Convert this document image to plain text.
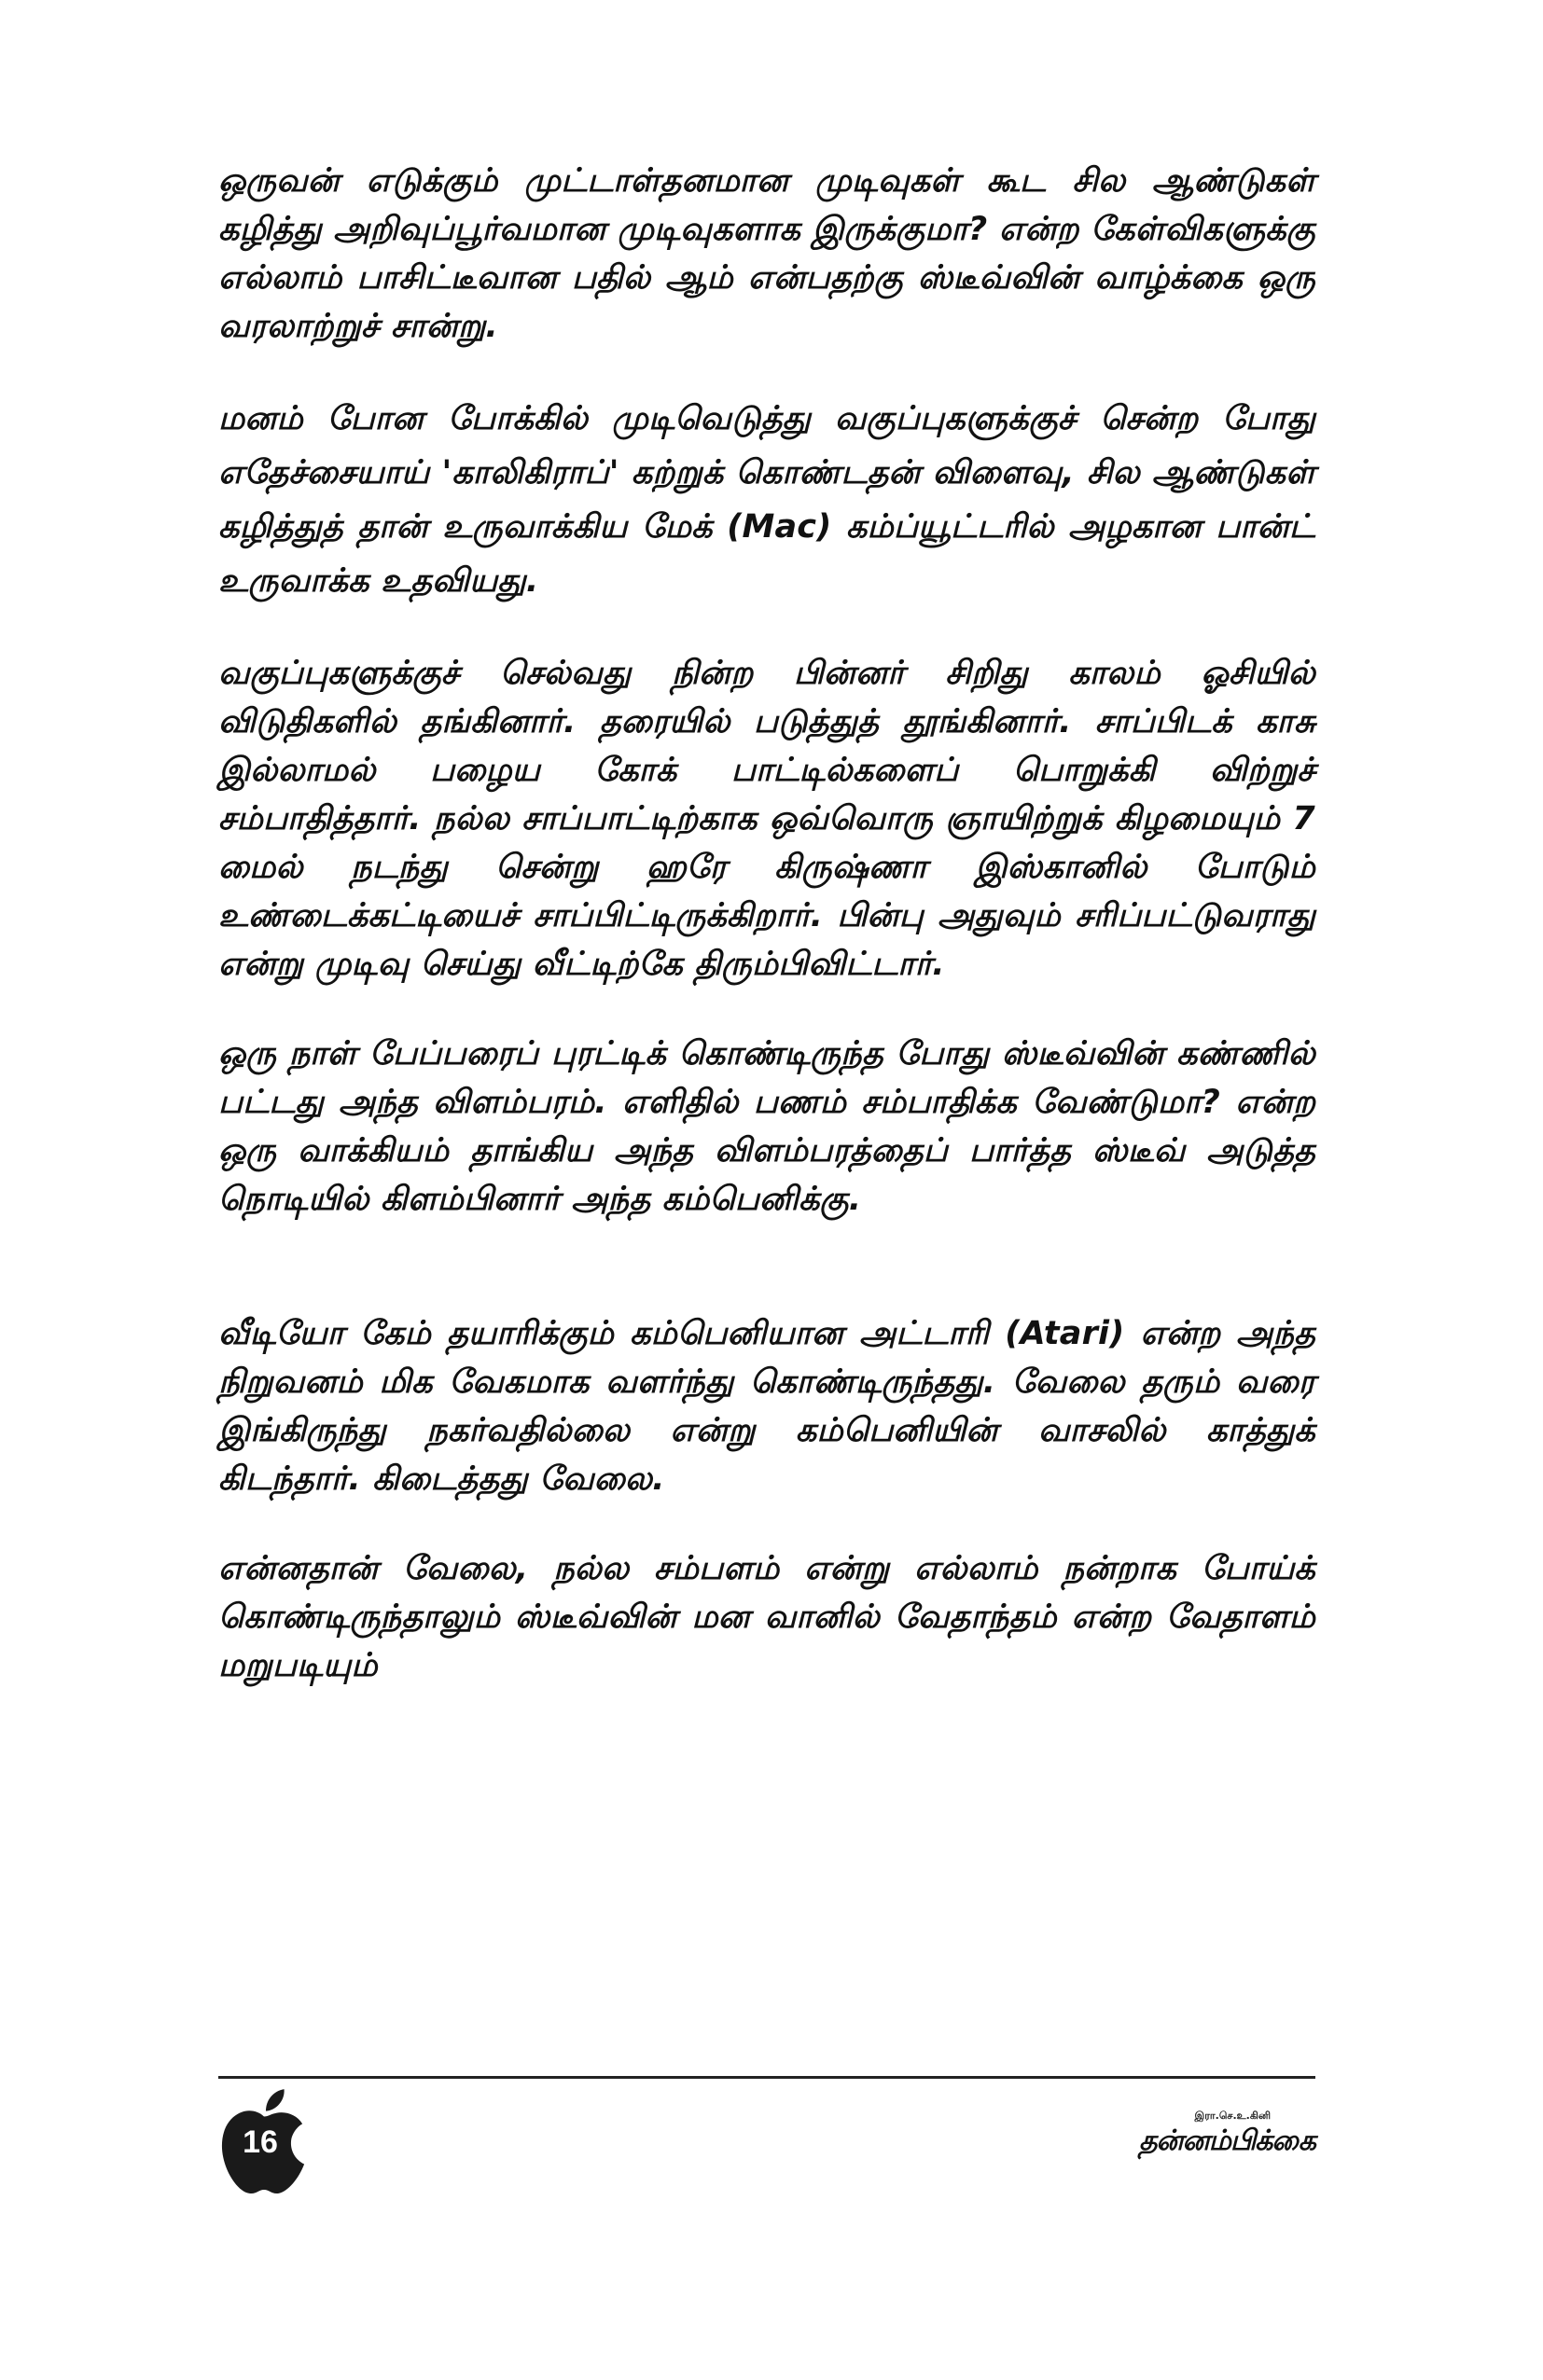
ஒருவன் எடுக்கும் முட்டாள்தனமான முடிவுகள் கூட சில ஆண்டுகள் கழித்து அறிவுப்பூர்வமான முடிவுகளாக இருக்குமா? என்ற கேள்விகளுக்கு எல்லாம் பாசிட்டீவான பதில் ஆம் என்பதற்கு ஸ்டீவ்வின் வாழ்க்கை ஒரு வரலாற்றுச் சான்று.

மனம் போன போக்கில் முடிவெடுத்து வகுப்புகளுக்குச் சென்ற போது எதேச்சையாய் 'காலிகிராப்' கற்றுக் கொண்டதன் விளைவு, சில ஆண்டுகள் கழித்துத் தான் உருவாக்கிய மேக் (Mac) கம்ப்யூட்டரில் அழகான பான்ட் உருவாக்க உதவியது.

வகுப்புகளுக்குச் செல்வது நின்ற பின்னர் சிறிது காலம் ஓசியில் விடுதிகளில் தங்கினார். தரையில் படுத்துத் தூங்கினார். சாப்பிடக் காசு இல்லாமல் பழைய கோக் பாட்டில்களைப் பொறுக்கி விற்றுச் சம்பாதித்தார். நல்ல சாப்பாட்டிற்காக ஒவ்வொரு ஞாயிற்றுக் கிழமையும் 7 மைல் நடந்து சென்று ஹரே கிருஷ்ணா இஸ்கானில் போடும் உண்டைக்கட்டியைச் சாப்பிட்டிருக்கிறார். பின்பு அதுவும் சரிப்பட்டுவராது என்று முடிவு செய்து வீட்டிற்கே திரும்பிவிட்டார்.

ஒரு நாள் பேப்பரைப் புரட்டிக் கொண்டிருந்த போது ஸ்டீவ்வின் கண்ணில் பட்டது அந்த விளம்பரம். எளிதில் பணம் சம்பாதிக்க வேண்டுமா? என்ற ஒரு வாக்கியம் தாங்கிய அந்த விளம்பரத்தைப் பார்த்த ஸ்டீவ் அடுத்த நொடியில் கிளம்பினார் அந்த கம்பெனிக்கு.

வீடியோ கேம் தயாரிக்கும் கம்பெனியான அட்டாரி (Atari) என்ற அந்த நிறுவனம் மிக வேகமாக வளர்ந்து கொண்டிருந்தது. வேலை தரும் வரை இங்கிருந்து நகர்வதில்லை என்று கம்பெனியின் வாசலில் காத்துக் கிடந்தார். கிடைத்தது வேலை.

என்னதான் வேலை, நல்ல சம்பளம் என்று எல்லாம் நன்றாக போய்க் கொண்டிருந்தாலும் ஸ்டீவ்வின் மன வானில் வேதாந்தம் என்ற வேதாளம் மறுபடியும்

16
இரா.செ.உ.கினி
தன்னம்பிக்கை
